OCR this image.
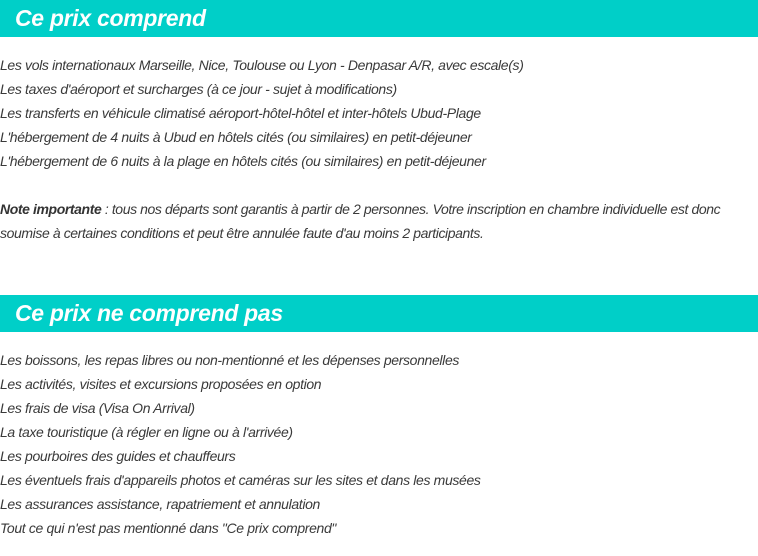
Ce prix comprend
Les vols internationaux Marseille, Nice, Toulouse ou Lyon - Denpasar A/R, avec escale(s)
Les taxes d'aéroport et surcharges (à ce jour - sujet à modifications)
Les transferts en véhicule climatisé aéroport-hôtel-hôtel et inter-hôtels Ubud-Plage
L'hébergement de 4 nuits à Ubud en hôtels cités (ou similaires) en petit-déjeuner
L'hébergement de 6 nuits à la plage en hôtels cités (ou similaires) en petit-déjeuner
Note importante : tous nos départs sont garantis à partir de 2 personnes. Votre inscription en chambre individuelle est donc soumise à certaines conditions et peut être annulée faute d'au moins 2 participants.
Ce prix ne comprend pas
Les boissons, les repas libres ou non-mentionné et les dépenses personnelles
Les activités, visites et excursions proposées en option
Les frais de visa (Visa On Arrival)
La taxe touristique (à régler en ligne ou à l'arrivée)
Les pourboires des guides et chauffeurs
Les éventuels frais d'appareils photos et caméras sur les sites et dans les musées
Les assurances assistance, rapatriement et annulation
Tout ce qui n'est pas mentionné dans "Ce prix comprend"
